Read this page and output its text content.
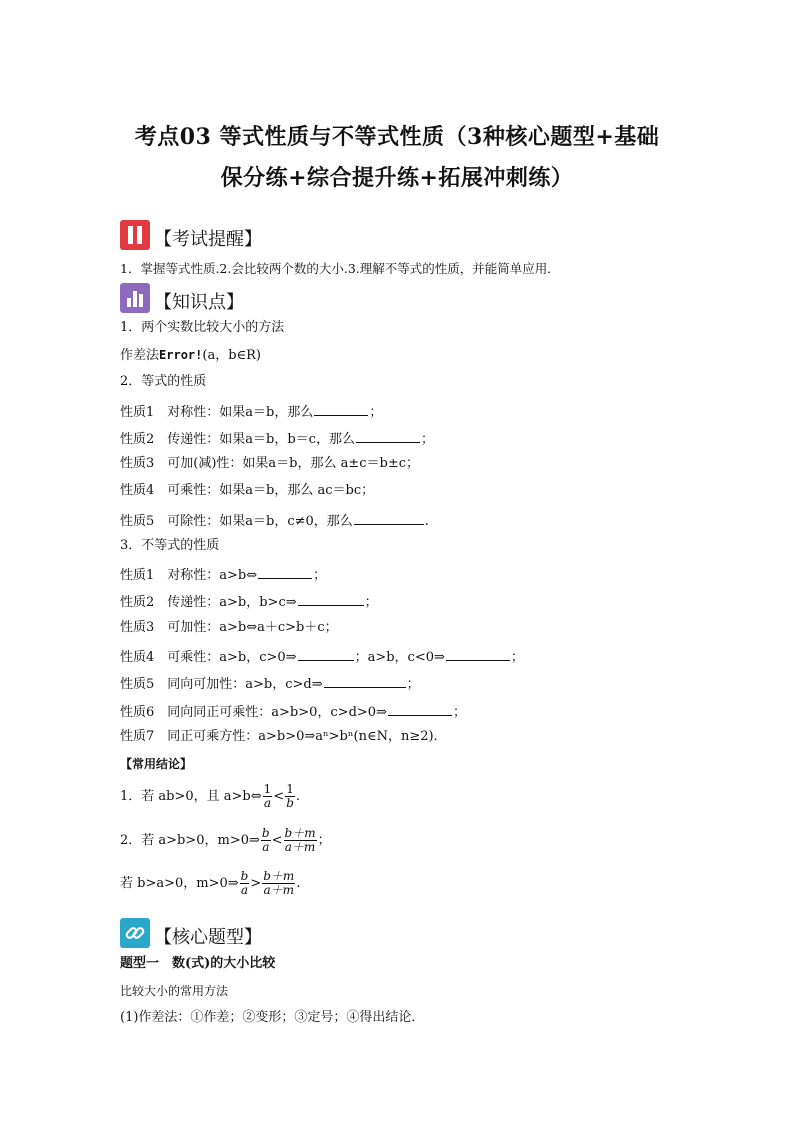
考点03 等式性质与不等式性质（3种核心题型+基础
保分练+综合提升练+拓展冲刺练）
【考试提醒】
1．掌握等式性质.2.会比较两个数的大小.3.理解不等式的性质，并能简单应用．
【知识点】
1．两个实数比较大小的方法
作差法Error!(a，b∈R)
2．等式的性质
性质1　对称性：如果a＝b，那么	；
性质2　传递性：如果a＝b，b＝c，那么	；
性质3　可加(减)性：如果a＝b，那么 a±c＝b±c；
性质4　可乘性：如果a＝b，那么 ac＝bc；
性质5　可除性：如果a＝b，c≠0，那么	.
3．不等式的性质
性质1　对称性：a>b⇔	；
性质2　传递性：a>b，b>c⇒	；
性质3　可加性：a>b⇔a＋c>b＋c；
性质4　可乘性：a>b，c>0⇒	；a>b，c<0⇒	；
性质5　同向可加性：a>b，c>d⇒	；
性质6　同向同正可乘性：a>b>0，c>d>0⇒	；
性质7　同正可乘方性：a>b>0⇒aⁿ>bⁿ(n∈N，n≥2)．
【常用结论】
1．若 ab>0，且 a>b⇔ $\frac{1}{a} < \frac{1}{b}$ .
2．若 a>b>0，m>0⇒ $\frac{b}{a} < \frac{b+m}{a+m}$ ；
若 b>a>0，m>0⇒ $\frac{b}{a} > \frac{b+m}{a+m}$ .
【核心题型】
题型一　数(式)的大小比较
比较大小的常用方法
(1)作差法：①作差；②变形；③定号；④得出结论．
